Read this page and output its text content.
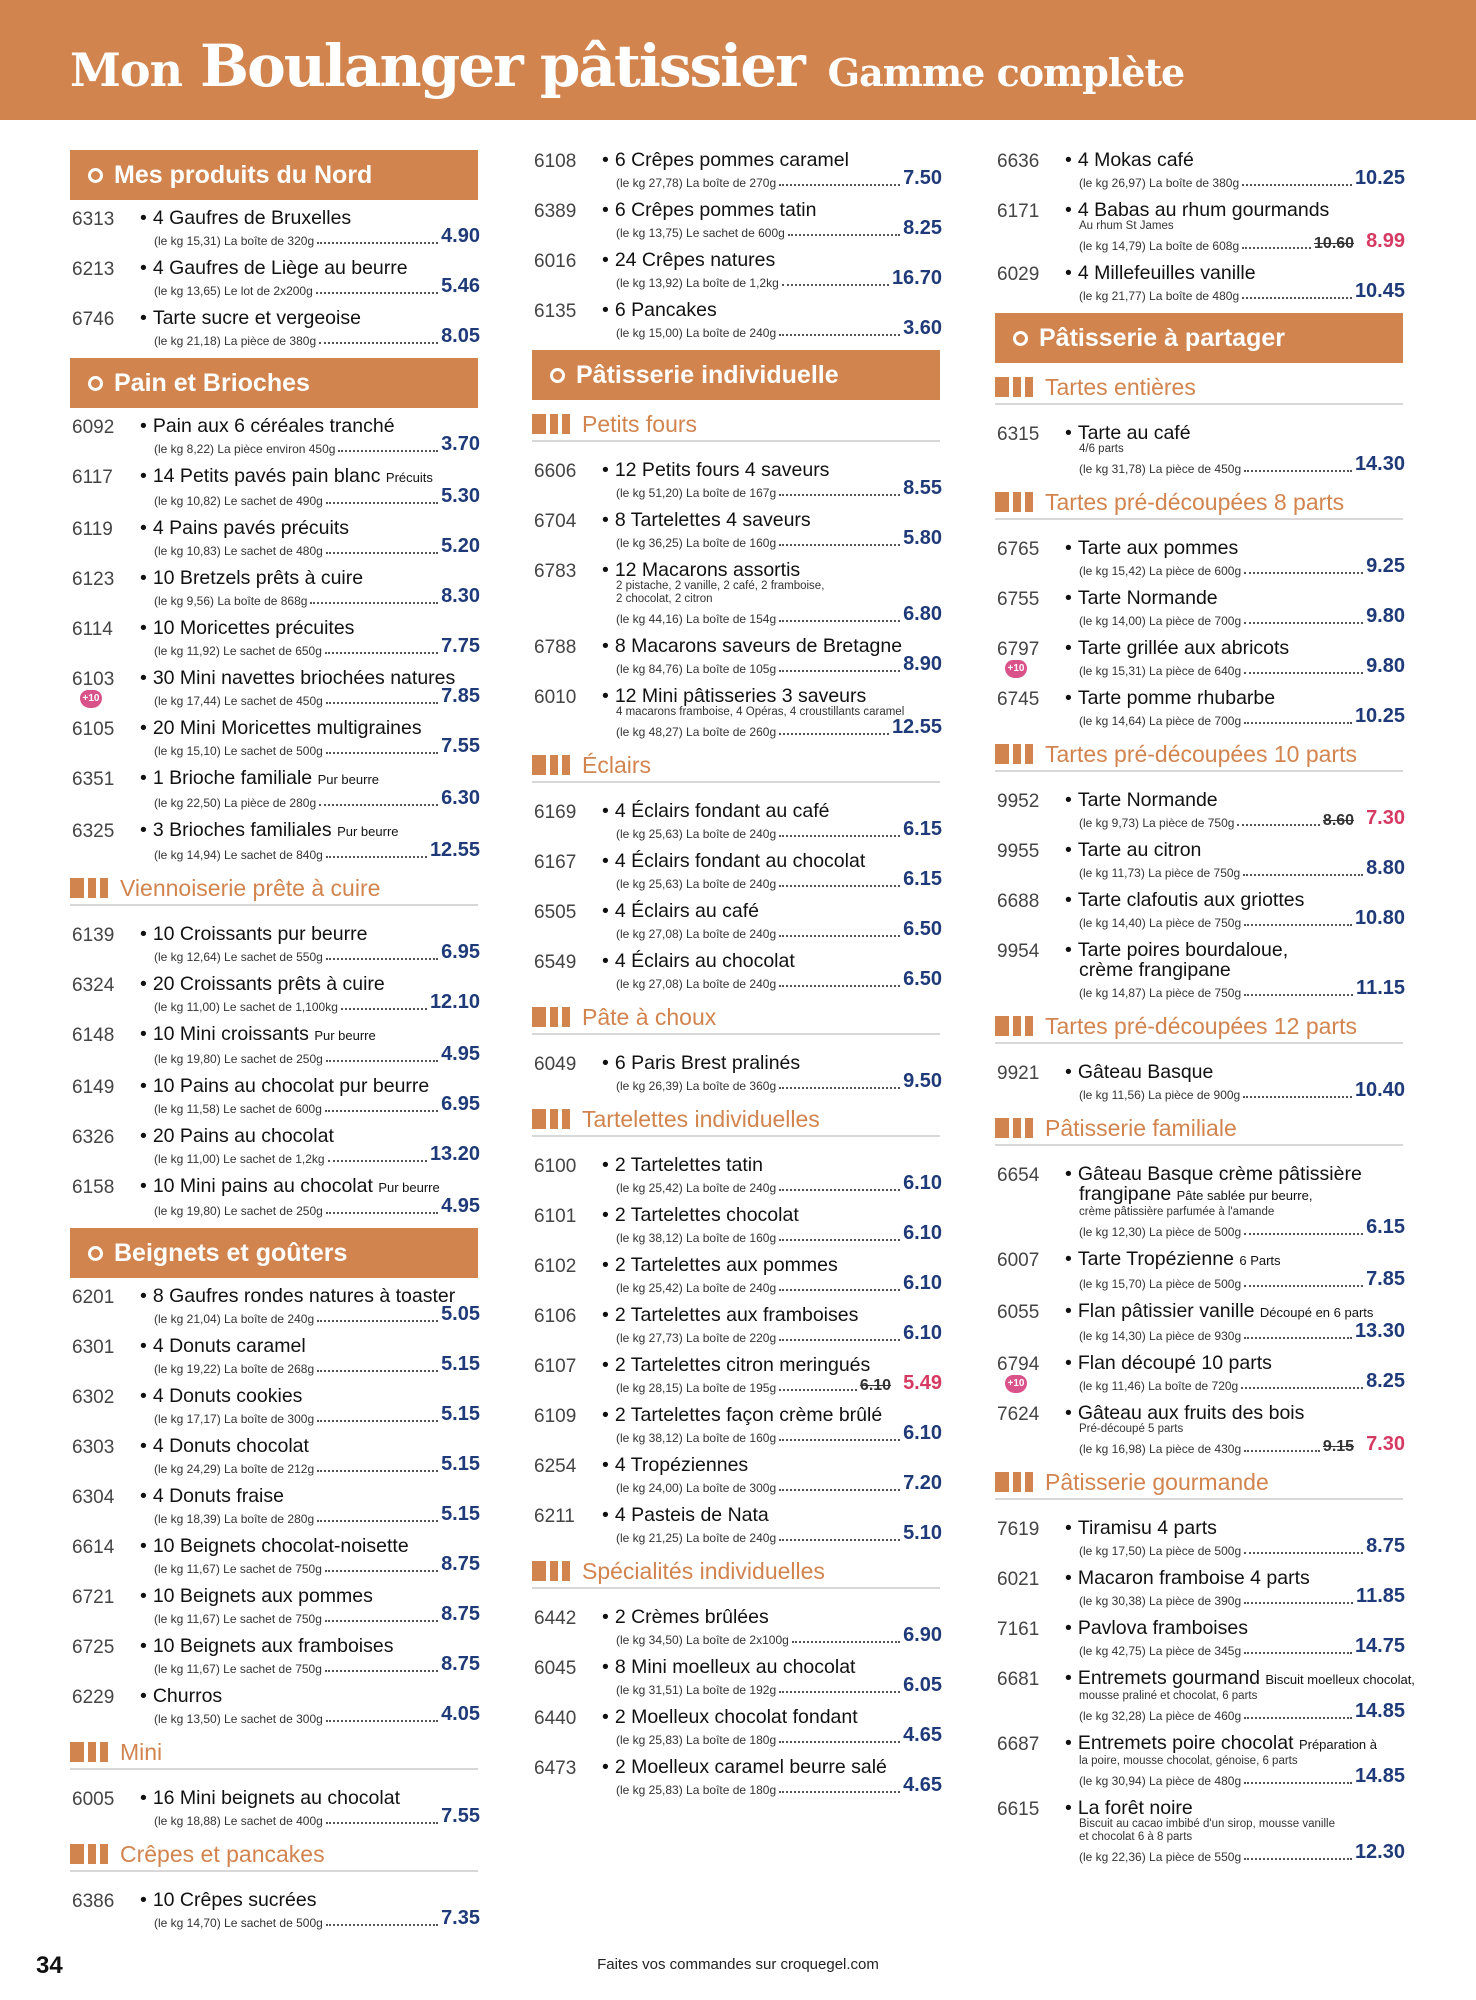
Mon Boulanger pâtissier Gamme complète
Mes produits du Nord
6313 • 4 Gaufres de Bruxelles
(le kg 15,31) La boîte de 320g	4.90
6213 • 4 Gaufres de Liège au beurre
(le kg 13,65) Le lot de 2x200g	5.46
6746 • Tarte sucre et vergeoise
(le kg 21,18) La pièce de 380g	8.05
Pain et Brioches
6092 • Pain aux 6 céréales tranché
(le kg 8,22) La pièce environ 450g	3.70
6117 • 14 Petits pavés pain blanc Précuits
(le kg 10,82) Le sachet de 490g	5.30
6119 • 4 Pains pavés précuits
(le kg 10,83) Le sachet de 480g	5.20
6123 • 10 Bretzels prêts à cuire
(le kg 9,56) La boîte de 868g	8.30
6114 • 10 Moricettes précuites
(le kg 11,92) Le sachet de 650g	7.75
6103
+10
• 30 Mini navettes briochées natures
(le kg 17,44) Le sachet de 450g	7.85
6105 • 20 Mini Moricettes multigraines
(le kg 15,10) Le sachet de 500g	7.55
6351 • 1 Brioche familiale Pur beurre
(le kg 22,50) La pièce de 280g	6.30
6325 • 3 Brioches familiales Pur beurre
(le kg 14,94) Le sachet de 840g	12.55
Viennoiserie prête à cuire
6139 • 10 Croissants pur beurre
(le kg 12,64) Le sachet de 550g	6.95
6324 • 20 Croissants prêts à cuire
(le kg 11,00) Le sachet de 1,100kg	12.10
6148 • 10 Mini croissants Pur beurre
(le kg 19,80) Le sachet de 250g	4.95
6149 • 10 Pains au chocolat pur beurre
(le kg 11,58) Le sachet de 600g	6.95
6326 • 20 Pains au chocolat
(le kg 11,00) Le sachet de 1,2kg	13.20
6158 • 10 Mini pains au chocolat Pur beurre
(le kg 19,80) Le sachet de 250g	4.95
Beignets et goûters
6201 • 8 Gaufres rondes natures à toaster
(le kg 21,04) La boîte de 240g	5.05
6301 • 4 Donuts caramel
(le kg 19,22) La boîte de 268g	5.15
6302 • 4 Donuts cookies
(le kg 17,17) La boîte de 300g	5.15
6303 • 4 Donuts chocolat
(le kg 24,29) La boîte de 212g	5.15
6304 • 4 Donuts fraise
(le kg 18,39) La boîte de 280g	5.15
6614 • 10 Beignets chocolat-noisette
(le kg 11,67) Le sachet de 750g	8.75
6721 • 10 Beignets aux pommes
(le kg 11,67) Le sachet de 750g	8.75
6725 • 10 Beignets aux framboises
(le kg 11,67) Le sachet de 750g	8.75
6229 • Churros
(le kg 13,50) Le sachet de 300g	4.05
Mini
6005 • 16 Mini beignets au chocolat
(le kg 18,88) Le sachet de 400g	7.55
Crêpes et pancakes
6386 • 10 Crêpes sucrées
(le kg 14,70) Le sachet de 500g	7.35
6108 • 6 Crêpes pommes caramel
(le kg 27,78) La boîte de 270g	7.50
6389 • 6 Crêpes pommes tatin
(le kg 13,75) Le sachet de 600g	8.25
6016 • 24 Crêpes natures
(le kg 13,92) La boîte de 1,2kg	16.70
6135 • 6 Pancakes
(le kg 15,00) La boîte de 240g	3.60
Pâtisserie individuelle
Petits fours
6606 • 12 Petits fours 4 saveurs
(le kg 51,20) La boîte de 167g	8.55
6704 • 8 Tartelettes 4 saveurs
(le kg 36,25) La boîte de 160g	5.80
6783 • 12 Macarons assortis
2 pistache, 2 vanille, 2 café, 2 framboise,
2 chocolat, 2 citron
(le kg 44,16) La boîte de 154g	6.80
6788 • 8 Macarons saveurs de Bretagne
(le kg 84,76) La boîte de 105g	8.90
6010 • 12 Mini pâtisseries 3 saveurs
4 macarons framboise, 4 Opéras, 4 croustillants caramel
(le kg 48,27) La boîte de 260g	12.55
Éclairs
6169 • 4 Éclairs fondant au café
(le kg 25,63) La boîte de 240g	6.15
6167 • 4 Éclairs fondant au chocolat
(le kg 25,63) La boîte de 240g	6.15
6505 • 4 Éclairs au café
(le kg 27,08) La boîte de 240g	6.50
6549 • 4 Éclairs au chocolat
(le kg 27,08) La boîte de 240g	6.50
Pâte à choux
6049 • 6 Paris Brest pralinés
(le kg 26,39) La boîte de 360g	9.50
Tartelettes individuelles
6100 • 2 Tartelettes tatin
(le kg 25,42) La boîte de 240g	6.10
6101 • 2 Tartelettes chocolat
(le kg 38,12) La boîte de 160g	6.10
6102 • 2 Tartelettes aux pommes
(le kg 25,42) La boîte de 240g	6.10
6106 • 2 Tartelettes aux framboises
(le kg 27,73) La boîte de 220g	6.10
6107 • 2 Tartelettes citron meringués
(le kg 28,15) La boîte de 195g	6.10 5.49
6109 • 2 Tartelettes façon crème brûlé
(le kg 38,12) La boîte de 160g	6.10
6254 • 4 Tropéziennes
(le kg 24,00) La boîte de 300g	7.20
6211 • 4 Pasteis de Nata
(le kg 21,25) La boîte de 240g	5.10
Spécialités individuelles
6442 • 2 Crèmes brûlées
(le kg 34,50) La boîte de 2x100g	6.90
6045 • 8 Mini moelleux au chocolat
(le kg 31,51) La boîte de 192g	6.05
6440 • 2 Moelleux chocolat fondant
(le kg 25,83) La boîte de 180g	4.65
6473 • 2 Moelleux caramel beurre salé
(le kg 25,83) La boîte de 180g	4.65
6636 • 4 Mokas café
(le kg 26,97) La boîte de 380g	10.25
6171 • 4 Babas au rhum gourmands
Au rhum St James
(le kg 14,79) La boîte de 608g	10.60 8.99
6029 • 4 Millefeuilles vanille
(le kg 21,77) La boîte de 480g	10.45
Pâtisserie à partager
Tartes entières
6315 • Tarte au café
4/6 parts
(le kg 31,78) La pièce de 450g	14.30
Tartes pré-découpées 8 parts
6765 • Tarte aux pommes
(le kg 15,42) La pièce de 600g	9.25
6755 • Tarte Normande
(le kg 14,00) La pièce de 700g	9.80
6797
+10
• Tarte grillée aux abricots
(le kg 15,31) La pièce de 640g	9.80
6745 • Tarte pomme rhubarbe
(le kg 14,64) La pièce de 700g	10.25
Tartes pré-découpées 10 parts
9952 • Tarte Normande
(le kg 9,73) La pièce de 750g	8.60 7.30
9955 • Tarte au citron
(le kg 11,73) La pièce de 750g	8.80
6688 • Tarte clafoutis aux griottes
(le kg 14,40) La pièce de 750g	10.80
9954 • Tarte poires bourdaloue,
crème frangipane
(le kg 14,87) La pièce de 750g	11.15
Tartes pré-découpées 12 parts
9921 • Gâteau Basque
(le kg 11,56) La pièce de 900g	10.40
Pâtisserie familiale
6654 • Gâteau Basque crème pâtissière
frangipane Pâte sablée pur beurre,
crème pâtissière parfumée à l'amande
(le kg 12,30) La pièce de 500g	6.15
6007 • Tarte Tropézienne 6 Parts
(le kg 15,70) La pièce de 500g	7.85
6055 • Flan pâtissier vanille Découpé en 6 parts
(le kg 14,30) La pièce de 930g	13.30
6794
+10
• Flan découpé 10 parts
(le kg 11,46) La boîte de 720g	8.25
7624 • Gâteau aux fruits des bois
Pré-découpé 5 parts
(le kg 16,98) La pièce de 430g	9.15 7.30
Pâtisserie gourmande
7619 • Tiramisu 4 parts
(le kg 17,50) La pièce de 500g	8.75
6021 • Macaron framboise 4 parts
(le kg 30,38) La pièce de 390g	11.85
7161 • Pavlova framboises
(le kg 42,75) La pièce de 345g	14.75
6681 • Entremets gourmand Biscuit moelleux chocolat,
mousse praliné et chocolat, 6 parts
(le kg 32,28) La pièce de 460g	14.85
6687 • Entremets poire chocolat Préparation à
la poire, mousse chocolat, génoise, 6 parts
(le kg 30,94) La pièce de 480g	14.85
6615 • La forêt noire
Biscuit au cacao imbibé d'un sirop, mousse vanille
et chocolat 6 à 8 parts
(le kg 22,36) La pièce de 550g	12.30
34	Faites vos commandes sur croquegel.com
